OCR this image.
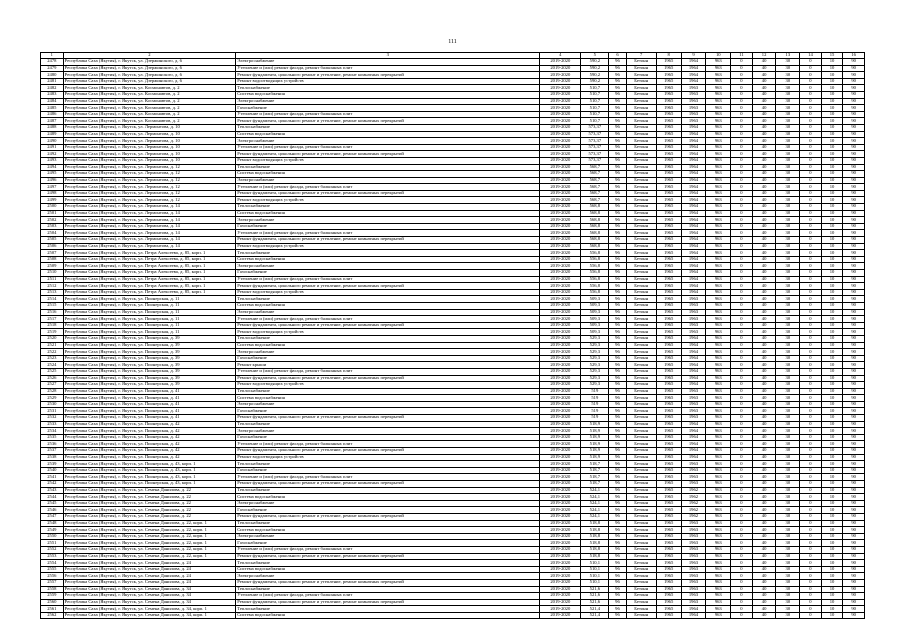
111
1	2	3	4	5	6	7	8	9	10	11	12	13	14	15	16
2478	Республика Саха (Якутия), г. Якутск, ул. Дзержинского, д. 6	Электроснабжение	2019-2020	590,2	96	Бетонн	1965	1964	963	0	40	30	0	10	90
2479	Республика Саха (Якутия), г. Якутск, ул. Дзержинского, д. 6	Утепление и (или) ремонт фасада, ремонт балконных плит	2019-2020	590,2	96	Бетонн	1965	1964	963	0	40	30	0	10	90
2480	Республика Саха (Якутия), г. Якутск, ул. Дзержинского, д. 6	Ремонт фундамента, цокольного ремонт и утепление, ремонт комнатных перекрытий	2019-2020	590,2	96	Бетонн	1965	1964	963	0	40	30	0	10	90
2481	Республика Саха (Якутия), г. Якутск, ул. Дзержинского, д. 6	Ремонт водоотводящих устройств	2019-2020	590,2	96	Бетонн	1965	1964	963	0	40	30	0	10	90
2482	Республика Саха (Якутия), г. Якутск, ул. Космонавтов, д. 2	Теплоснабжение	2019-2020	510,7	96	Бетонн	1965	1963	963	0	40	30	0	10	90
2483	Республика Саха (Якутия), г. Якутск, ул. Космонавтов, д. 2	Система водоснабжения	2019-2020	510,7	96	Бетонн	1965	1963	963	0	40	30	0	10	90
2484	Республика Саха (Якутия), г. Якутск, ул. Космонавтов, д. 2	Электроснабжение	2019-2020	510,7	96	Бетонн	1965	1963	963	0	40	30	0	10	90
2485	Республика Саха (Якутия), г. Якутск, ул. Космонавтов, д. 2	Газоснабжение	2019-2020	510,7	96	Бетонн	1965	1963	963	0	40	30	0	10	90
2486	Республика Саха (Якутия), г. Якутск, ул. Космонавтов, д. 2	Утепление и (или) ремонт фасада, ремонт балконных плит	2019-2020	510,7	96	Бетонн	1965	1963	963	0	40	30	0	10	90
2487	Республика Саха (Якутия), г. Якутск, ул. Космонавтов, д. 2	Ремонт фундамента, цокольного ремонт и утепление, ремонт комнатных перекрытий	2019-2020	510,7	96	Бетонн	1965	1963	963	0	40	30	0	10	90
2488	Республика Саха (Якутия), г. Якутск, ул. Лермонтова, д. 10	Теплоснабжение	2019-2020	573,37	96	Бетонн	1965	1964	963	0	40	30	0	10	90
2489	Республика Саха (Якутия), г. Якутск, ул. Лермонтова, д. 10	Система водоснабжения	2019-2020	573,37	96	Бетонн	1965	1964	963	0	40	30	0	10	90
2490	Республика Саха (Якутия), г. Якутск, ул. Лермонтова, д. 10	Электроснабжение	2019-2020	573,37	96	Бетонн	1965	1964	963	0	40	30	0	10	90
2491	Республика Саха (Якутия), г. Якутск, ул. Лермонтова, д. 10	Утепление и (или) ремонт фасада, ремонт балконных плит	2019-2020	573,37	96	Бетонн	1965	1964	963	0	40	30	0	10	90
2492	Республика Саха (Якутия), г. Якутск, ул. Лермонтова, д. 10	Ремонт фундамента, цокольного ремонт и утепление, ремонт комнатных перекрытий	2019-2020	573,37	96	Бетонн	1965	1964	963	0	40	30	0	10	90
2493	Республика Саха (Якутия), г. Якутск, ул. Лермонтова, д. 10	Ремонт водоотводящих устройств	2019-2020	573,37	96	Бетонн	1965	1964	963	0	40	30	0	10	90
2494	Республика Саха (Якутия), г. Якутск, ул. Лермонтова, д. 12	Теплоснабжение	2019-2020	568,7	96	Бетонн	1965	1964	963	0	40	30	0	10	90
2495	Республика Саха (Якутия), г. Якутск, ул. Лермонтова, д. 12	Система водоснабжения	2019-2020	568,7	96	Бетонн	1965	1964	963	0	40	30	0	10	90
2496	Республика Саха (Якутия), г. Якутск, ул. Лермонтова, д. 12	Электроснабжение	2019-2020	568,7	96	Бетонн	1965	1964	963	0	40	30	0	10	90
2497	Республика Саха (Якутия), г. Якутск, ул. Лермонтова, д. 12	Утепление и (или) ремонт фасада, ремонт балконных плит	2019-2020	568,7	96	Бетонн	1965	1964	963	0	40	30	0	10	90
2498	Республика Саха (Якутия), г. Якутск, ул. Лермонтова, д. 12	Ремонт фундамента, цокольного ремонт и утепление, ремонт комнатных перекрытий	2019-2020	568,7	96	Бетонн	1965	1964	963	0	40	30	0	10	90
2499	Республика Саха (Якутия), г. Якутск, ул. Лермонтова, д. 12	Ремонт водоотводящих устройств	2019-2020	568,7	96	Бетонн	1965	1964	963	0	40	30	0	10	90
2500	Республика Саха (Якутия), г. Якутск, ул. Лермонтова, д. 14	Теплоснабжение	2019-2020	568,8	96	Бетонн	1965	1964	963	0	40	30	0	10	90
2501	Республика Саха (Якутия), г. Якутск, ул. Лермонтова, д. 14	Система водоснабжения	2019-2020	568,8	96	Бетонн	1965	1964	963	0	40	30	0	10	90
2502	Республика Саха (Якутия), г. Якутск, ул. Лермонтова, д. 14	Электроснабжение	2019-2020	568,8	96	Бетонн	1965	1964	963	0	40	30	0	10	90
2503	Республика Саха (Якутия), г. Якутск, ул. Лермонтова, д. 14	Газоснабжение	2019-2020	568,8	96	Бетонн	1965	1964	963	0	40	30	0	10	90
2504	Республика Саха (Якутия), г. Якутск, ул. Лермонтова, д. 14	Утепление и (или) ремонт фасада, ремонт балконных плит	2019-2020	568,8	96	Бетонн	1965	1964	963	0	40	30	0	10	90
2505	Республика Саха (Якутия), г. Якутск, ул. Лермонтова, д. 14	Ремонт фундамента, цокольного ремонт и утепление, ремонт комнатных перекрытий	2019-2020	568,8	96	Бетонн	1965	1964	963	0	40	30	0	10	90
2506	Республика Саха (Якутия), г. Якутск, ул. Лермонтова, д. 14	Ремонт водоотводящих устройств	2019-2020	568,8	96	Бетонн	1965	1964	963	0	40	30	0	10	90
2507	Республика Саха (Якутия), г. Якутск, ул. Петра Алексеева, д. 85, корп. 1	Теплоснабжение	2019-2020	556,8	96	Бетонн	1965	1964	963	0	40	30	0	10	90
2508	Республика Саха (Якутия), г. Якутск, ул. Петра Алексеева, д. 85, корп. 1	Система водоснабжения	2019-2020	556,8	96	Бетонн	1965	1964	963	0	40	30	0	10	90
2509	Республика Саха (Якутия), г. Якутск, ул. Петра Алексеева, д. 85, корп. 1	Электроснабжение	2019-2020	556,8	96	Бетонн	1965	1964	963	0	40	30	0	10	90
2510	Республика Саха (Якутия), г. Якутск, ул. Петра Алексеева, д. 85, корп. 1	Газоснабжение	2019-2020	556,8	96	Бетонн	1965	1964	963	0	40	30	0	10	90
2511	Республика Саха (Якутия), г. Якутск, ул. Петра Алексеева, д. 85, корп. 1	Утепление и (или) ремонт фасада, ремонт балконных плит	2019-2020	556,8	96	Бетонн	1965	1964	963	0	40	30	0	10	90
2512	Республика Саха (Якутия), г. Якутск, ул. Петра Алексеева, д. 85, корп. 1	Ремонт фундамента, цокольного ремонт и утепление, ремонт комнатных перекрытий	2019-2020	556,8	96	Бетонн	1965	1964	963	0	40	30	0	10	90
2513	Республика Саха (Якутия), г. Якутск, ул. Петра Алексеева, д. 85, корп. 1	Ремонт водоотводящих устройств	2019-2020	556,8	96	Бетонн	1965	1964	963	0	40	30	0	10	90
2514	Республика Саха (Якутия), г. Якутск, ул. Пионерская, д. 11	Теплоснабжение	2019-2020	509,3	96	Бетонн	1965	1963	963	0	40	30	0	10	90
2515	Республика Саха (Якутия), г. Якутск, ул. Пионерская, д. 11	Система водоснабжения	2019-2020	509,3	96	Бетонн	1965	1963	963	0	40	30	0	10	90
2516	Республика Саха (Якутия), г. Якутск, ул. Пионерская, д. 11	Электроснабжение	2019-2020	509,3	96	Бетонн	1965	1963	963	0	40	30	0	10	90
2517	Республика Саха (Якутия), г. Якутск, ул. Пионерская, д. 11	Утепление и (или) ремонт фасада, ремонт балконных плит	2019-2020	509,3	96	Бетонн	1965	1963	963	0	40	30	0	10	90
2518	Республика Саха (Якутия), г. Якутск, ул. Пионерская, д. 11	Ремонт фундамента, цокольного ремонт и утепление, ремонт комнатных перекрытий	2019-2020	509,3	96	Бетонн	1965	1963	963	0	40	30	0	10	90
2519	Республика Саха (Якутия), г. Якутск, ул. Пионерская, д. 11	Ремонт водоотводящих устройств	2019-2020	509,3	96	Бетонн	1965	1963	963	0	40	30	0	10	90
2520	Республика Саха (Якутия), г. Якутск, ул. Пионерская, д. 39	Теплоснабжение	2019-2020	529,3	96	Бетонн	1965	1964	963	0	40	30	0	10	90
2521	Республика Саха (Якутия), г. Якутск, ул. Пионерская, д. 39	Система водоснабжения	2019-2020	529,3	96	Бетонн	1965	1964	963	0	40	30	0	10	90
2522	Республика Саха (Якутия), г. Якутск, ул. Пионерская, д. 39	Электроснабжение	2019-2020	529,3	96	Бетонн	1965	1964	963	0	40	30	0	10	90
2523	Республика Саха (Якутия), г. Якутск, ул. Пионерская, д. 39	Газоснабжение	2019-2020	529,3	96	Бетонн	1965	1964	963	0	40	30	0	10	90
2524	Республика Саха (Якутия), г. Якутск, ул. Пионерская, д. 39	Ремонт крыши	2019-2020	529,3	96	Бетонн	1965	1964	963	0	40	30	0	10	90
2525	Республика Саха (Якутия), г. Якутск, ул. Пионерская, д. 39	Утепление и (или) ремонт фасада, ремонт балконных плит	2019-2020	529,3	96	Бетонн	1965	1964	963	0	40	30	0	10	90
2526	Республика Саха (Якутия), г. Якутск, ул. Пионерская, д. 39	Ремонт фундамента, цокольного ремонт и утепление, ремонт комнатных перекрытий	2019-2020	529,3	96	Бетонн	1965	1964	963	0	40	30	0	10	90
2527	Республика Саха (Якутия), г. Якутск, ул. Пионерская, д. 39	Ремонт водоотводящих устройств	2019-2020	529,3	96	Бетонн	1965	1964	963	0	40	30	0	10	90
2528	Республика Саха (Якутия), г. Якутск, ул. Пионерская, д. 41	Теплоснабжение	2019-2020	519	96	Бетонн	1965	1963	963	0	40	30	0	10	90
2529	Республика Саха (Якутия), г. Якутск, ул. Пионерская, д. 41	Система водоснабжения	2019-2020	519	96	Бетонн	1965	1963	963	0	40	30	0	10	90
2530	Республика Саха (Якутия), г. Якутск, ул. Пионерская, д. 41	Электроснабжение	2019-2020	519	96	Бетонн	1965	1963	963	0	40	30	0	10	90
2531	Республика Саха (Якутия), г. Якутск, ул. Пионерская, д. 41	Газоснабжение	2019-2020	519	96	Бетонн	1965	1963	963	0	40	30	0	10	90
2532	Республика Саха (Якутия), г. Якутск, ул. Пионерская, д. 41	Ремонт фундамента, цокольного ремонт и утепление, ремонт комнатных перекрытий	2019-2020	519	96	Бетонн	1965	1963	963	0	40	30	0	10	90
2533	Республика Саха (Якутия), г. Якутск, ул. Пионерская, д. 42	Теплоснабжение	2019-2020	518,9	96	Бетонн	1965	1964	963	0	40	30	0	10	90
2534	Республика Саха (Якутия), г. Якутск, ул. Пионерская, д. 42	Электроснабжение	2019-2020	518,9	96	Бетонн	1965	1964	963	0	40	30	0	10	90
2535	Республика Саха (Якутия), г. Якутск, ул. Пионерская, д. 42	Газоснабжение	2019-2020	518,9	96	Бетонн	1965	1964	963	0	40	30	0	10	90
2536	Республика Саха (Якутия), г. Якутск, ул. Пионерская, д. 42	Утепление и (или) ремонт фасада, ремонт балконных плит	2019-2020	518,9	96	Бетонн	1965	1964	963	0	40	30	0	10	90
2537	Республика Саха (Якутия), г. Якутск, ул. Пионерская, д. 42	Ремонт фундамента, цокольного ремонт и утепление, ремонт комнатных перекрытий	2019-2020	518,9	96	Бетонн	1965	1964	963	0	40	30	0	10	90
2538	Республика Саха (Якутия), г. Якутск, ул. Пионерская, д. 42	Ремонт водоотводящих устройств	2019-2020	518,9	96	Бетонн	1965	1964	963	0	40	30	0	10	90
2539	Республика Саха (Якутия), г. Якутск, ул. Пионерская, д. 43, корп. 1	Теплоснабжение	2019-2020	518,7	96	Бетонн	1965	1963	963	0	40	30	0	10	90
2540	Республика Саха (Якутия), г. Якутск, ул. Пионерская, д. 43, корп. 1	Газоснабжение	2019-2020	518,7	96	Бетонн	1965	1963	963	0	40	30	0	10	90
2541	Республика Саха (Якутия), г. Якутск, ул. Пионерская, д. 43, корп. 1	Утепление и (или) ремонт фасада, ремонт балконных плит	2019-2020	518,7	96	Бетонн	1965	1963	963	0	40	30	0	10	90
2542	Республика Саха (Якутия), г. Якутск, ул. Пионерская, д. 43, корп. 1	Ремонт фундамента, цокольного ремонт и утепление, ремонт комнатных перекрытий	2019-2020	518,7	96	Бетонн	1965	1963	963	0	40	30	0	10	90
2543	Республика Саха (Якутия), г. Якутск, ул. Семена Данилова, д. 22	Теплоснабжение	2019-2020	524,1	96	Бетонн	1965	1962	963	0	40	30	0	10	90
2544	Республика Саха (Якутия), г. Якутск, ул. Семена Данилова, д. 22	Система водоснабжения	2019-2020	524,1	96	Бетонн	1965	1962	963	0	40	30	0	10	90
2545	Республика Саха (Якутия), г. Якутск, ул. Семена Данилова, д. 22	Электроснабжение	2019-2020	524,1	96	Бетонн	1965	1962	963	0	40	30	0	10	90
2546	Республика Саха (Якутия), г. Якутск, ул. Семена Данилова, д. 22	Газоснабжение	2019-2020	524,1	96	Бетонн	1965	1962	963	0	40	30	0	10	90
2547	Республика Саха (Якутия), г. Якутск, ул. Семена Данилова, д. 22	Ремонт фундамента, цокольного ремонт и утепление, ремонт комнатных перекрытий	2019-2020	524,1	96	Бетонн	1965	1962	963	0	40	30	0	10	90
2548	Республика Саха (Якутия), г. Якутск, ул. Семена Данилова, д. 22, корп. 1	Теплоснабжение	2019-2020	518,8	96	Бетонн	1965	1963	963	0	40	30	0	10	90
2549	Республика Саха (Якутия), г. Якутск, ул. Семена Данилова, д. 22, корп. 1	Система водоснабжения	2019-2020	518,8	96	Бетонн	1965	1963	963	0	40	30	0	10	90
2550	Республика Саха (Якутия), г. Якутск, ул. Семена Данилова, д. 22, корп. 1	Электроснабжение	2019-2020	518,8	96	Бетонн	1965	1963	963	0	40	30	0	10	90
2551	Республика Саха (Якутия), г. Якутск, ул. Семена Данилова, д. 22, корп. 1	Газоснабжение	2019-2020	518,8	96	Бетонн	1965	1963	963	0	40	30	0	10	90
2552	Республика Саха (Якутия), г. Якутск, ул. Семена Данилова, д. 22, корп. 1	Утепление и (или) ремонт фасада, ремонт балконных плит	2019-2020	518,8	96	Бетонн	1965	1963	963	0	40	30	0	10	90
2553	Республика Саха (Якутия), г. Якутск, ул. Семена Данилова, д. 22, корп. 1	Ремонт фундамента, цокольного ремонт и утепление, ремонт комнатных перекрытий	2019-2020	518,8	96	Бетонн	1965	1963	963	0	40	30	0	10	90
2554	Республика Саха (Якутия), г. Якутск, ул. Семена Данилова, д. 24	Теплоснабжение	2019-2020	510,1	96	Бетонн	1965	1963	963	0	40	30	0	10	90
2555	Республика Саха (Якутия), г. Якутск, ул. Семена Данилова, д. 24	Система водоснабжения	2019-2020	510,1	96	Бетонн	1965	1963	963	0	40	30	0	10	90
2556	Республика Саха (Якутия), г. Якутск, ул. Семена Данилова, д. 24	Электроснабжение	2019-2020	510,1	96	Бетонн	1965	1963	963	0	40	30	0	10	90
2557	Республика Саха (Якутия), г. Якутск, ул. Семена Данилова, д. 24	Ремонт фундамента, цокольного ремонт и утепление, ремонт комнатных перекрытий	2019-2020	510,1	96	Бетонн	1965	1963	963	0	40	30	0	10	90
2558	Республика Саха (Якутия), г. Якутск, ул. Семена Данилова, д. 34	Теплоснабжение	2019-2020	521,6	96	Бетонн	1965	1963	963	0	40	30	0	10	90
2559	Республика Саха (Якутия), г. Якутск, ул. Семена Данилова, д. 34	Утепление и (или) ремонт фасада, ремонт балконных плит	2019-2020	521,6	96	Бетонн	1965	1963	963	0	40	30	0	10	90
2560	Республика Саха (Якутия), г. Якутск, ул. Семена Данилова, д. 34	Ремонт фундамента, цокольного ремонт и утепление, ремонт комнатных перекрытий	2019-2020	521,6	96	Бетонн	1965	1963	963	0	40	30	0	10	90
2561	Республика Саха (Якутия), г. Якутск, ул. Семена Данилова, д. 34, корп. 1	Теплоснабжение	2019-2020	521,4	96	Бетонн	1965	1964	963	0	40	30	0	10	90
2562	Республика Саха (Якутия), г. Якутск, ул. Семена Данилова, д. 34, корп. 1	Система водоснабжения	2019-2020	521,4	96	Бетонн	1965	1964	963	0	40	30	0	10	90
